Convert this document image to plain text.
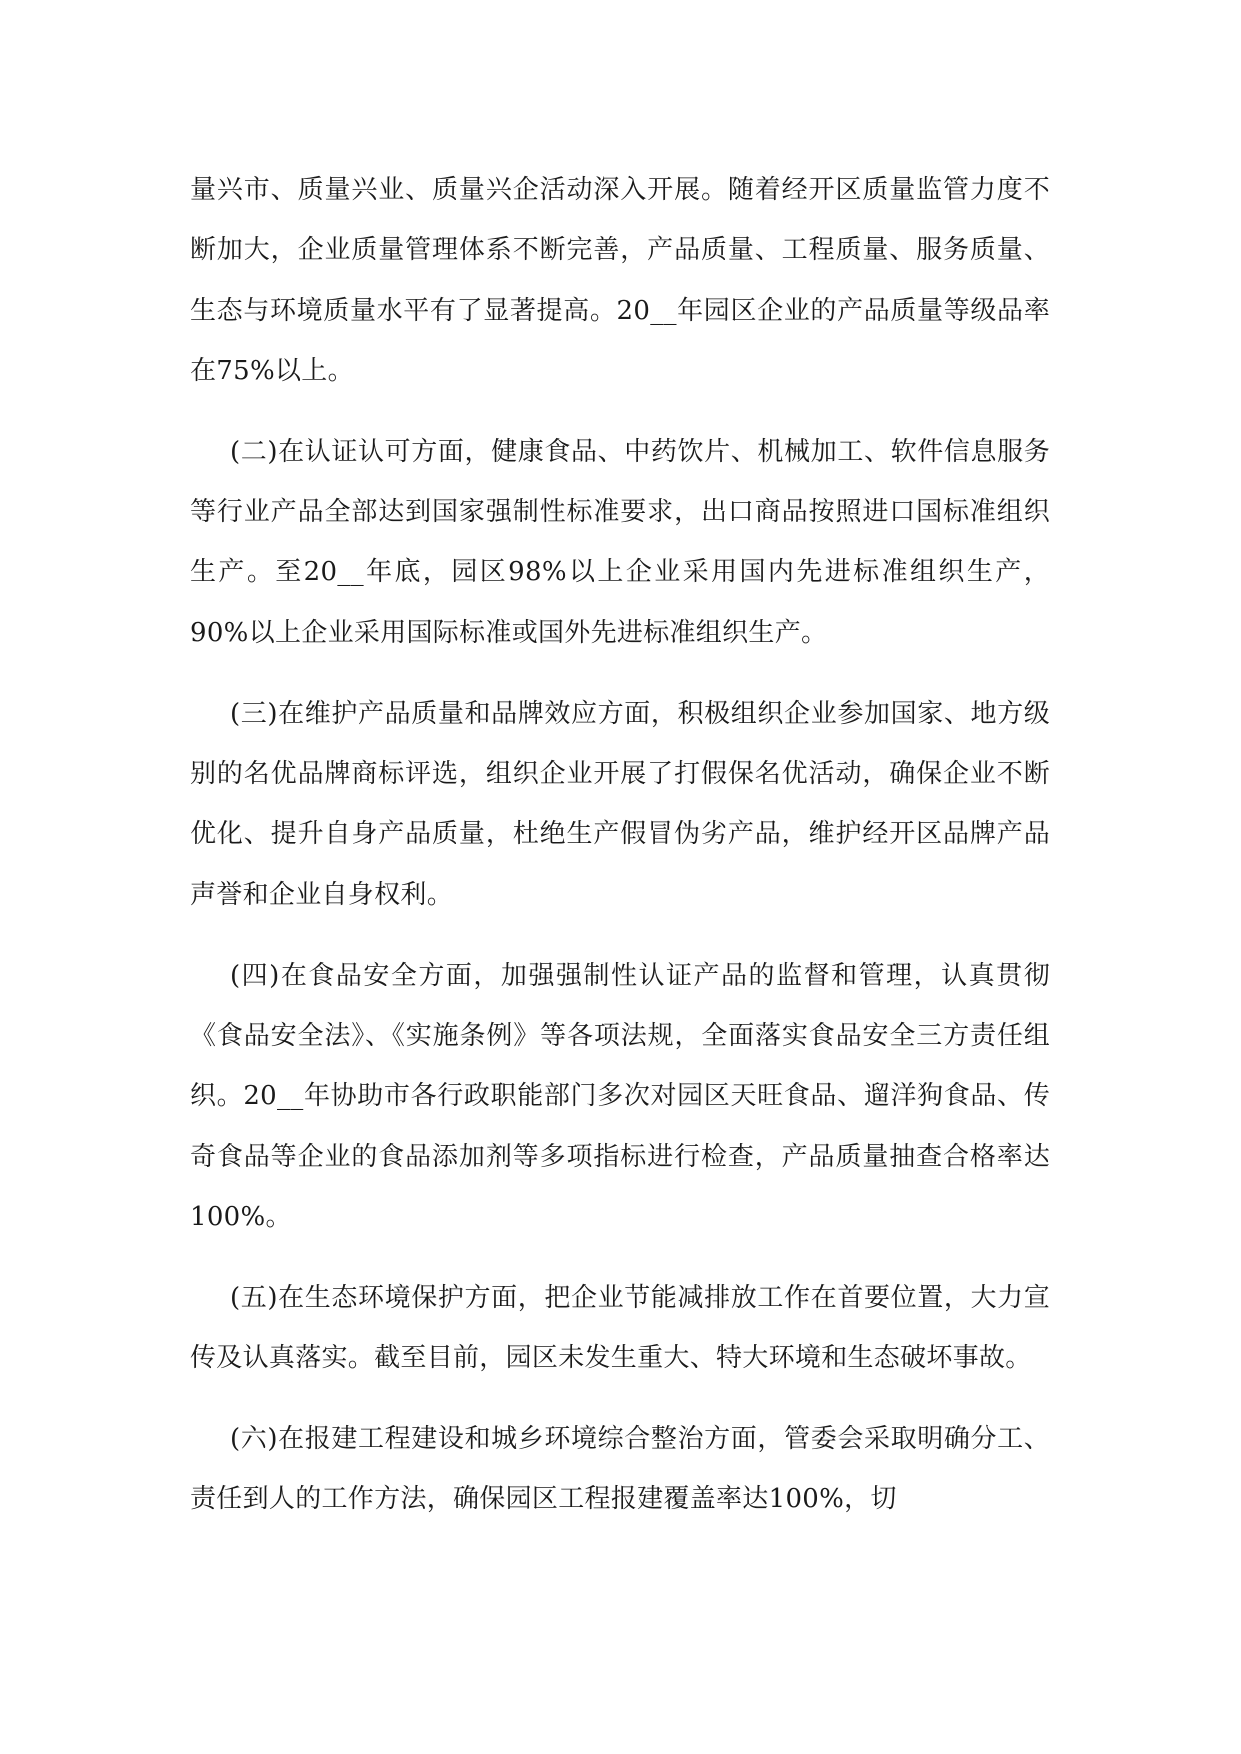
量兴市、质量兴业、质量兴企活动深入开展。随着经开区质量监管力度不断加大，企业质量管理体系不断完善，产品质量、工程质量、服务质量、生态与环境质量水平有了显著提高。20__年园区企业的产品质量等级品率在75%以上。

(二)在认证认可方面，健康食品、中药饮片、机械加工、软件信息服务等行业产品全部达到国家强制性标准要求，出口商品按照进口国标准组织生产。至20__年底，园区98%以上企业采用国内先进标准组织生产，90%以上企业采用国际标准或国外先进标准组织生产。

(三)在维护产品质量和品牌效应方面，积极组织企业参加国家、地方级别的名优品牌商标评选，组织企业开展了打假保名优活动，确保企业不断优化、提升自身产品质量，杜绝生产假冒伪劣产品，维护经开区品牌产品声誉和企业自身权利。

(四)在食品安全方面，加强强制性认证产品的监督和管理，认真贯彻《食品安全法》、《实施条例》等各项法规，全面落实食品安全三方责任组织。20__年协助市各行政职能部门多次对园区天旺食品、遛洋狗食品、传奇食品等企业的食品添加剂等多项指标进行检查，产品质量抽查合格率达100%。

(五)在生态环境保护方面，把企业节能减排放工作在首要位置，大力宣传及认真落实。截至目前，园区未发生重大、特大环境和生态破坏事故。

(六)在报建工程建设和城乡环境综合整治方面，管委会采取明确分工、责任到人的工作方法，确保园区工程报建覆盖率达100%，切
